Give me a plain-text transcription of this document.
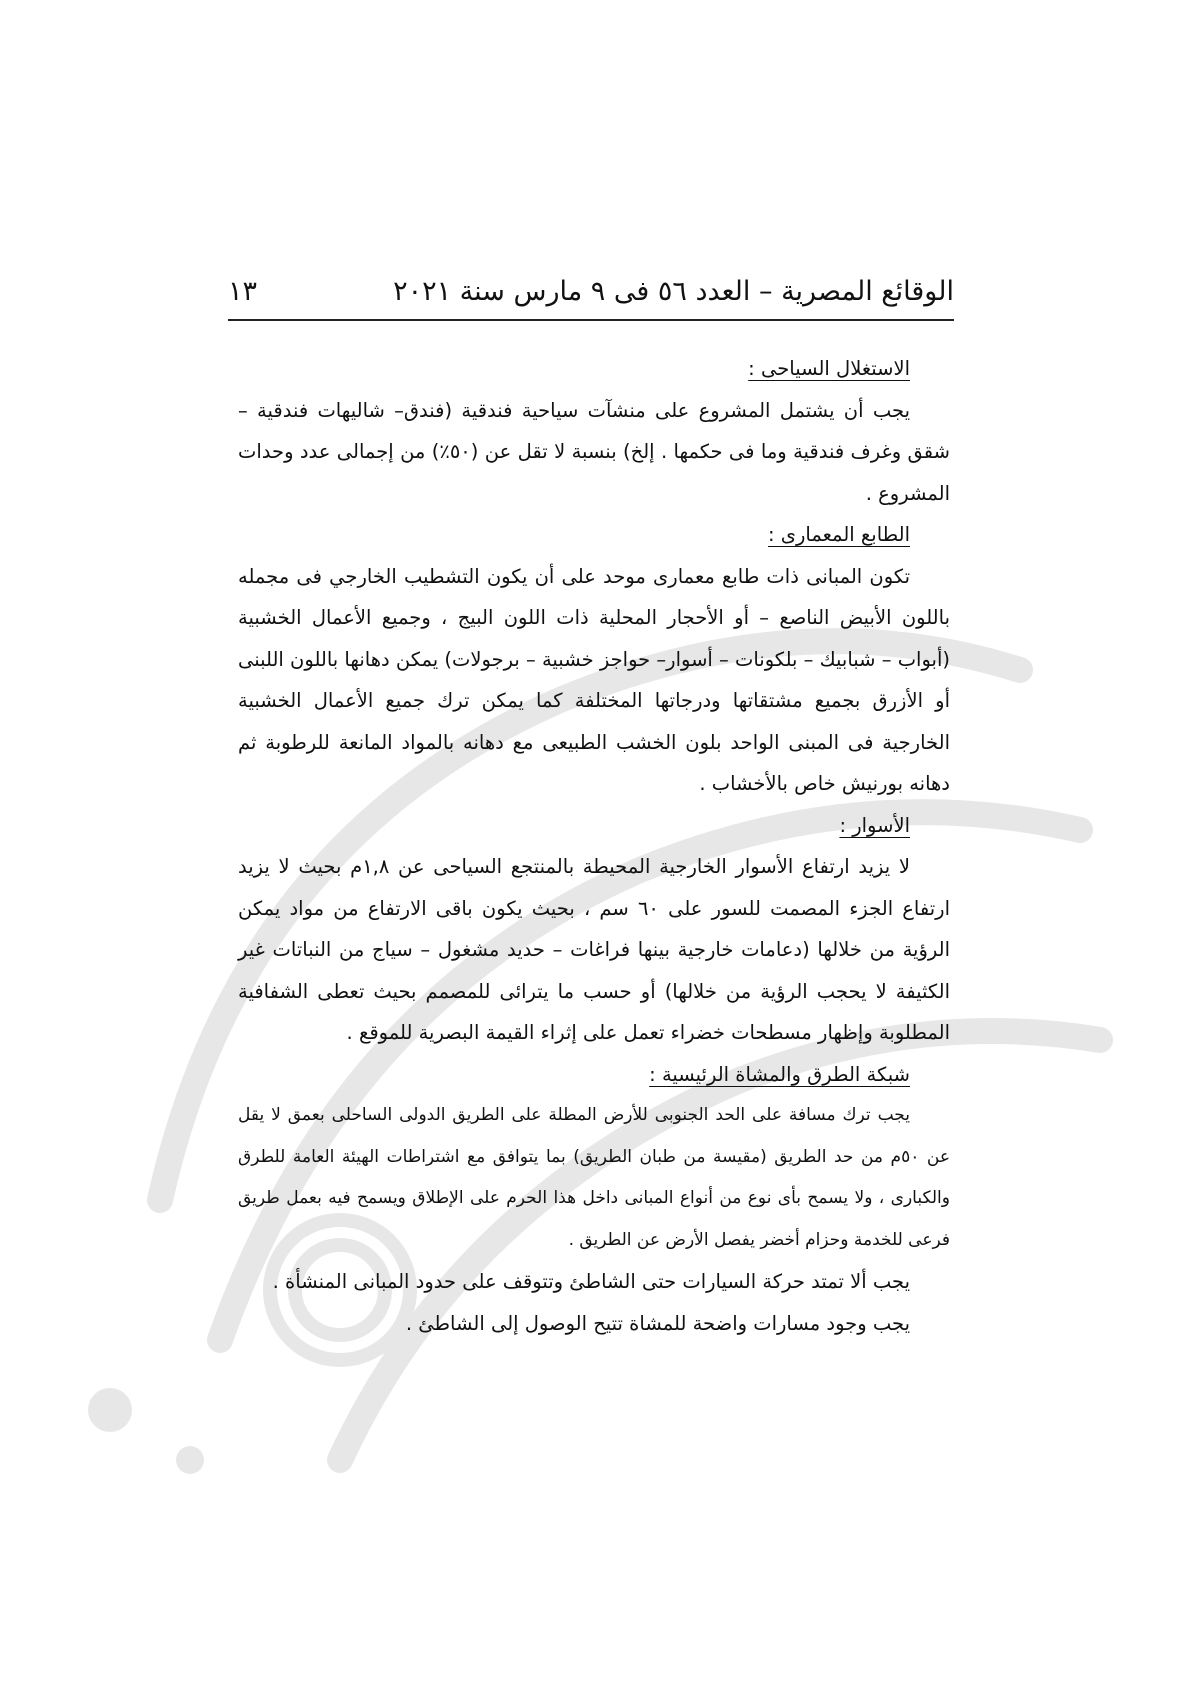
الوقائع المصرية – العدد ٥٦ فى ٩ مارس سنة ٢٠٢١
١٣
الاستغلال السياحى :

يجب أن يشتمل المشروع على منشآت سياحية فندقية (فندق– شاليهات فندقية – شقق وغرف فندقية وما فى حكمها . إلخ) بنسبة لا تقل عن (٥٠٪) من إجمالى عدد وحدات المشروع .

الطابع المعمارى :

تكون المبانى ذات طابع معمارى موحد على أن يكون التشطيب الخارجي فى مجمله باللون الأبيض الناصع – أو الأحجار المحلية ذات اللون البيج ، وجميع الأعمال الخشبية (أبواب – شبابيك – بلكونات – أسوار– حواجز خشبية – برجولات) يمكن دهانها باللون اللبنى أو الأزرق بجميع مشتقاتها ودرجاتها المختلفة كما يمكن ترك جميع الأعمال الخشبية الخارجية فى المبنى الواحد بلون الخشب الطبيعى مع دهانه بالمواد المانعة للرطوبة ثم دهانه بورنيش خاص بالأخشاب .

الأسوار :

لا يزيد ارتفاع الأسوار الخارجية المحيطة بالمنتجع السياحى عن ١,٨م بحيث لا يزيد ارتفاع الجزء المصمت للسور على ٦٠ سم ، بحيث يكون باقى الارتفاع من مواد يمكن الرؤية من خلالها (دعامات خارجية بينها فراغات – حديد مشغول – سياج من النباتات غير الكثيفة لا يحجب الرؤية من خلالها) أو حسب ما يترائى للمصمم بحيث تعطى الشفافية المطلوبة وإظهار مسطحات خضراء تعمل على إثراء القيمة البصرية للموقع .

شبكة الطرق والمشاة الرئيسية :

يجب ترك مسافة على الحد الجنوبى للأرض المطلة على الطريق الدولى الساحلى بعمق لا يقل عن ٥٠م من حد الطريق (مقيسة من طبان الطريق) بما يتوافق مع اشتراطات الهيئة العامة للطرق والكبارى ، ولا يسمح بأى نوع من أنواع المبانى داخل هذا الحرم على الإطلاق ويسمح فيه بعمل طريق فرعى للخدمة وحزام أخضر يفصل الأرض عن الطريق .

يجب ألا تمتد حركة السيارات حتى الشاطئ وتتوقف على حدود المبانى المنشأة .

يجب وجود مسارات واضحة للمشاة تتيح الوصول إلى الشاطئ .
